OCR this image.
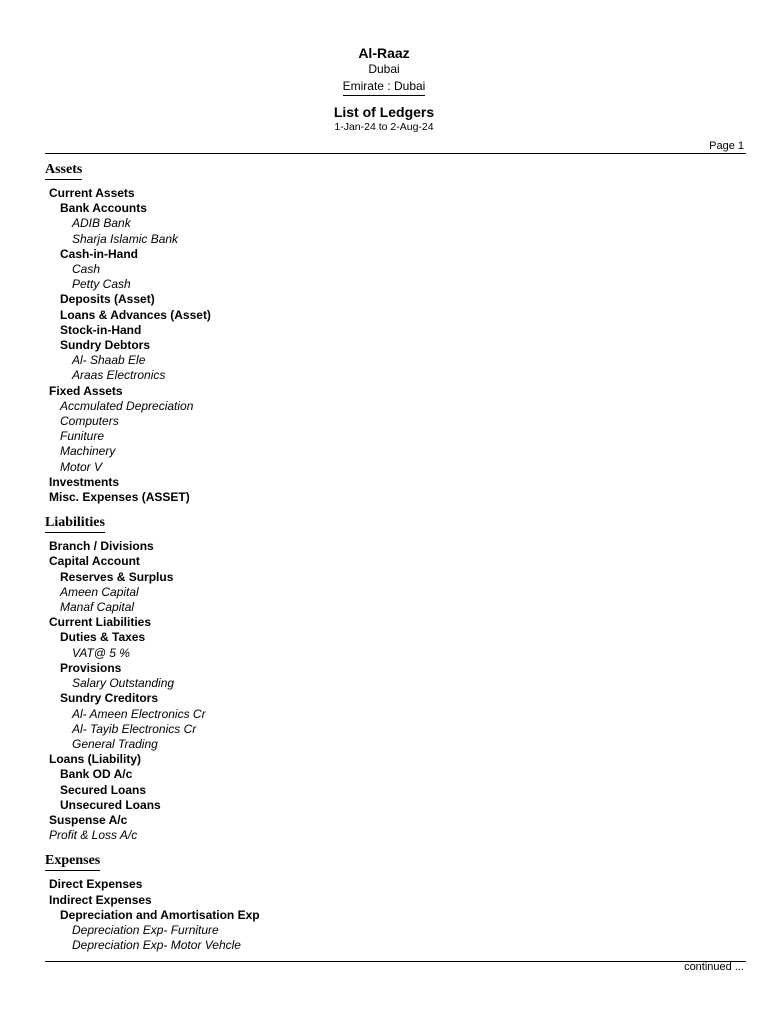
Al-Raaz
Dubai
Emirate : Dubai
List of Ledgers
1-Jan-24 to 2-Aug-24
Page 1
Assets
Current Assets
Bank Accounts
ADIB Bank
Sharja Islamic Bank
Cash-in-Hand
Cash
Petty Cash
Deposits (Asset)
Loans & Advances (Asset)
Stock-in-Hand
Sundry Debtors
Al- Shaab Ele
Araas Electronics
Fixed Assets
Accmulated Depreciation
Computers
Funiture
Machinery
Motor V
Investments
Misc. Expenses (ASSET)
Liabilities
Branch / Divisions
Capital Account
Reserves & Surplus
Ameen Capital
Manaf Capital
Current Liabilities
Duties & Taxes
VAT@ 5 %
Provisions
Salary Outstanding
Sundry Creditors
Al- Ameen Electronics Cr
Al- Tayib Electronics Cr
General Trading
Loans (Liability)
Bank OD A/c
Secured Loans
Unsecured Loans
Suspense A/c
Profit & Loss A/c
Expenses
Direct Expenses
Indirect Expenses
Depreciation and Amortisation Exp
Depreciation Exp- Furniture
Depreciation Exp- Motor Vehcle
continued ...
